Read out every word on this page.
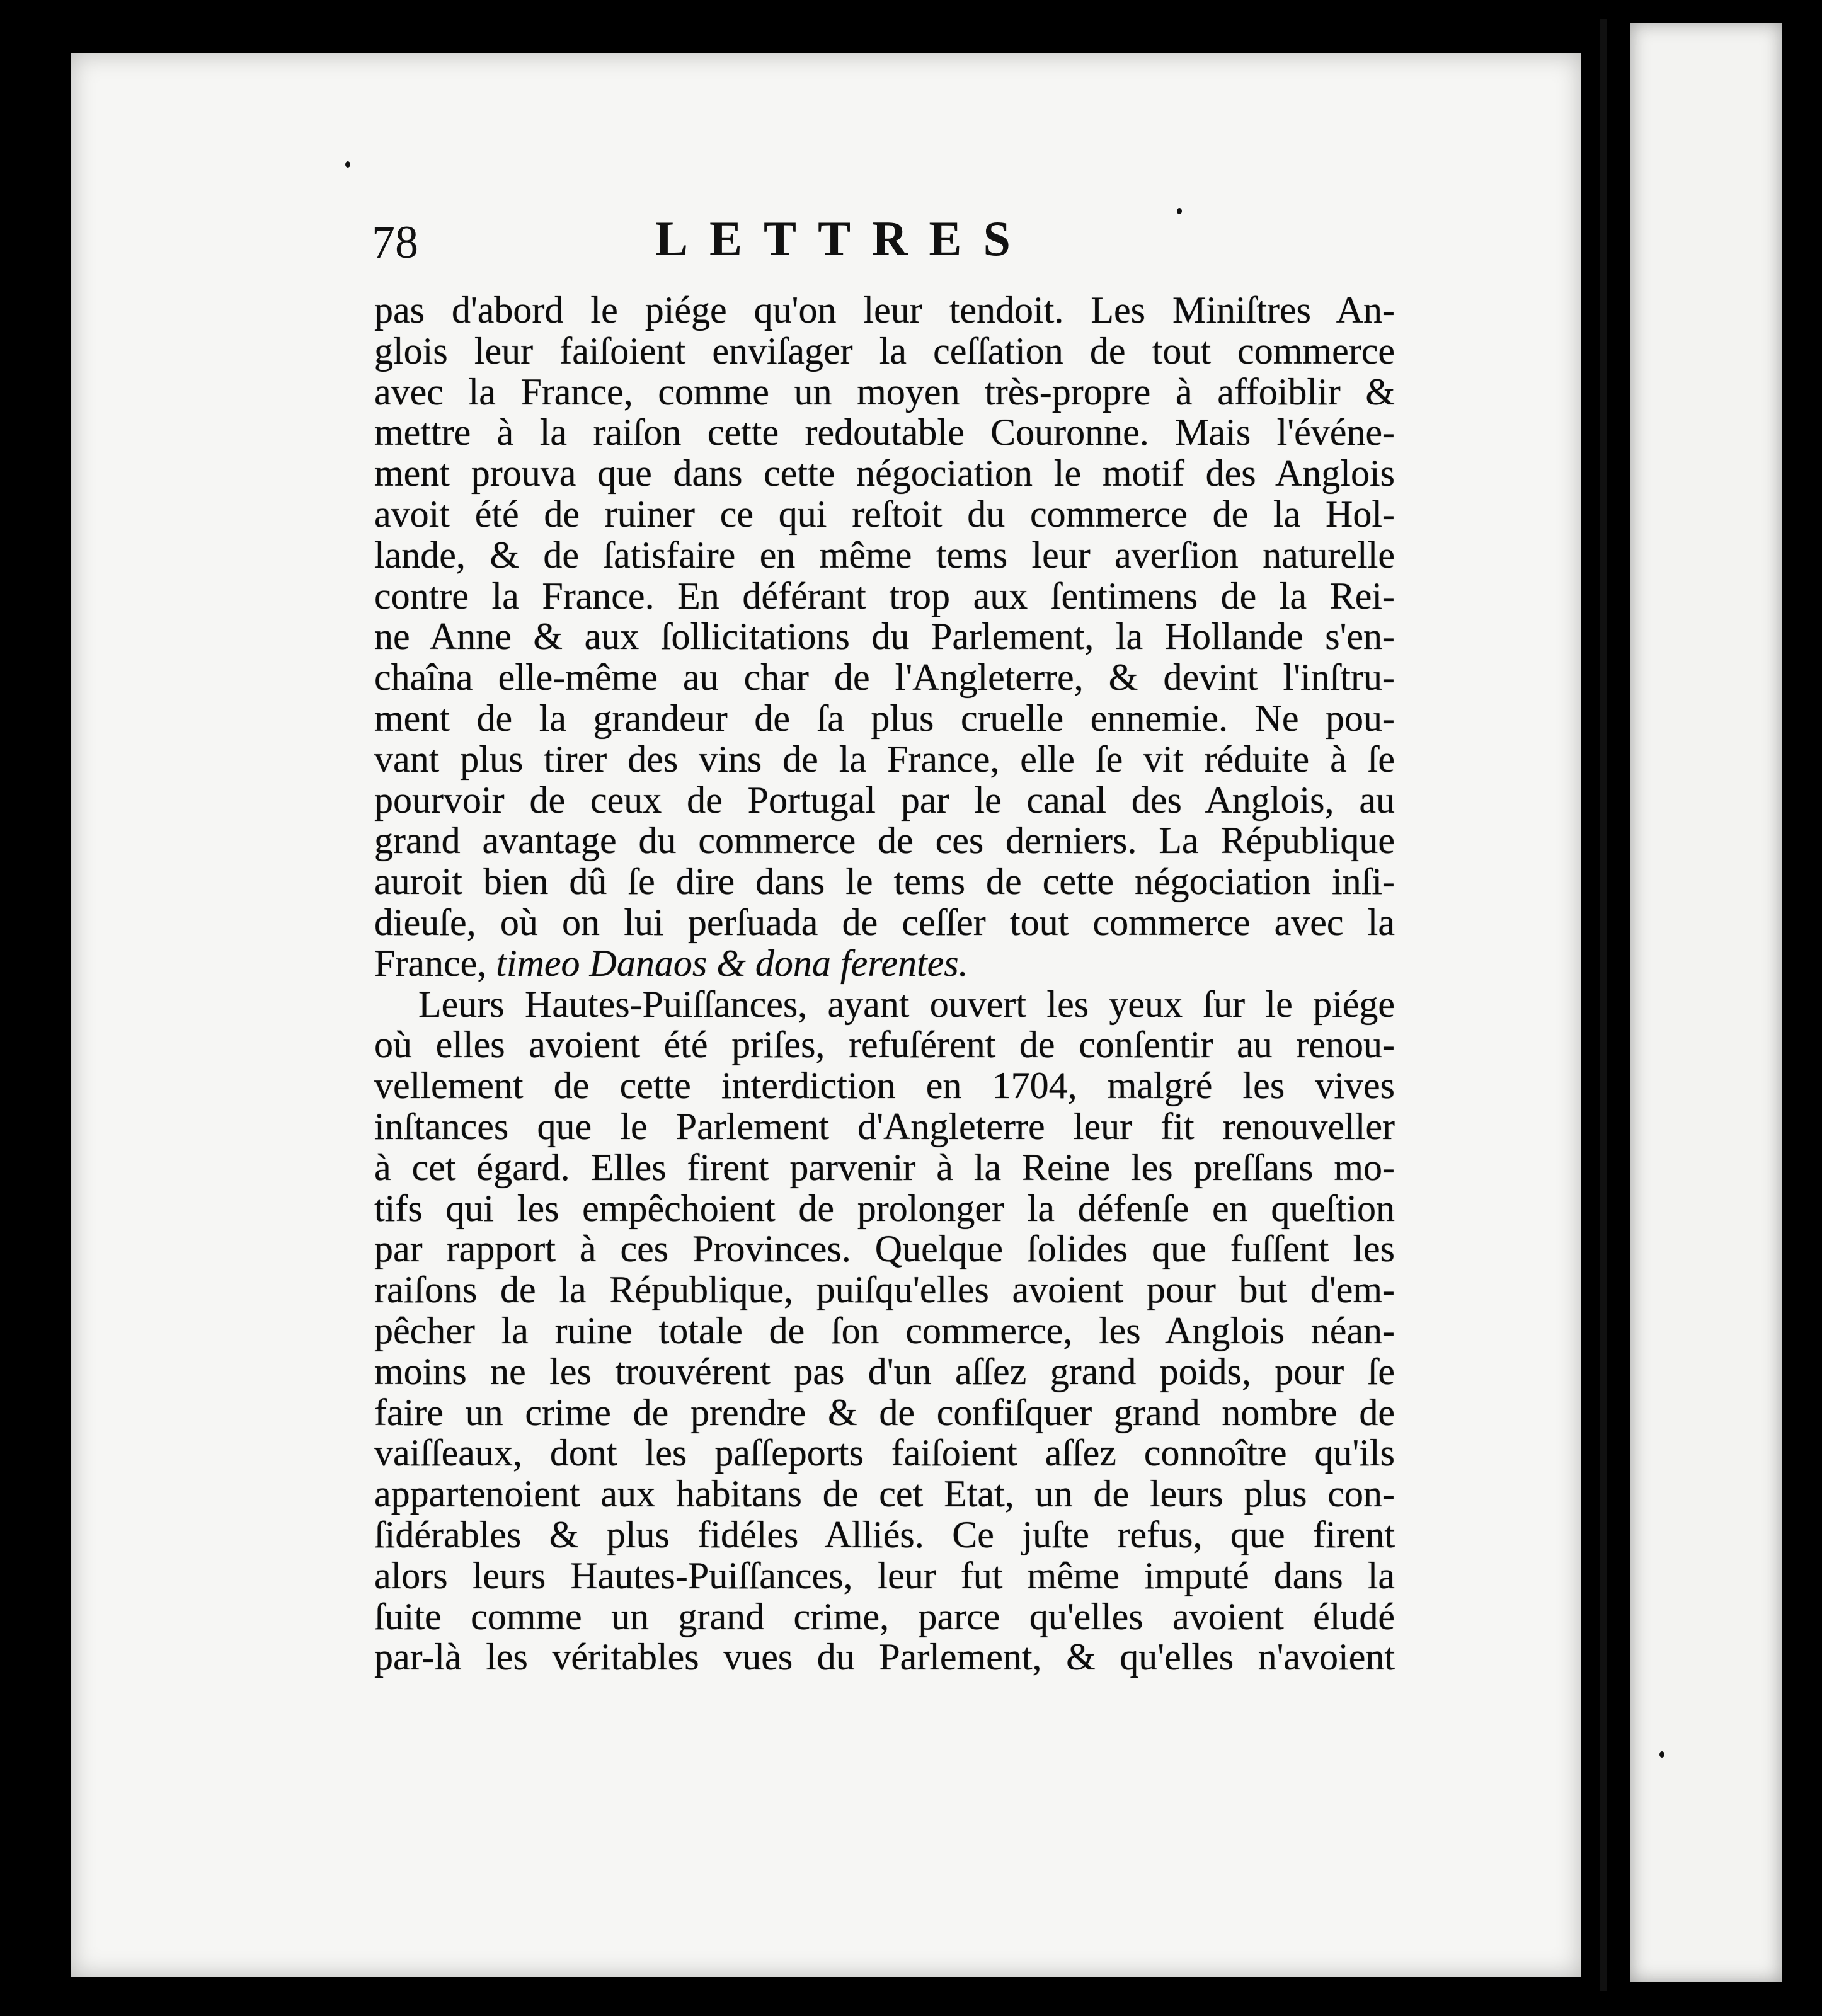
78	LETTRES
pas d'abord le piége qu'on leur tendoit. Les Miniſtres An-
glois leur faiſoient enviſager la ceſſation de tout commerce
avec la France, comme un moyen très-propre à affoiblir &
mettre à la raiſon cette redoutable Couronne. Mais l'événe-
ment prouva que dans cette négociation le motif des Anglois
avoit été de ruiner ce qui reſtoit du commerce de la Hol-
lande, & de ſatisfaire en même tems leur averſion naturelle
contre la France. En déférant trop aux ſentimens de la Rei-
ne Anne & aux ſollicitations du Parlement, la Hollande s'en-
chaîna elle-même au char de l'Angleterre, & devint l'inſtru-
ment de la grandeur de ſa plus cruelle ennemie. Ne pou-
vant plus tirer des vins de la France, elle ſe vit réduite à ſe
pourvoir de ceux de Portugal par le canal des Anglois, au
grand avantage du commerce de ces derniers. La République
auroit bien dû ſe dire dans le tems de cette négociation inſi-
dieuſe, où on lui perſuada de ceſſer tout commerce avec la
France, timeo Danaos & dona ferentes.
Leurs Hautes-Puiſſances, ayant ouvert les yeux ſur le piége
où elles avoient été priſes, refuſérent de conſentir au renou-
vellement de cette interdiction en 1704, malgré les vives
inſtances que le Parlement d'Angleterre leur fit renouveller
à cet égard. Elles firent parvenir à la Reine les preſſans mo-
tifs qui les empêchoient de prolonger la défenſe en queſtion
par rapport à ces Provinces. Quelque ſolides que fuſſent les
raiſons de la République, puiſqu'elles avoient pour but d'em-
pêcher la ruine totale de ſon commerce, les Anglois néan-
moins ne les trouvérent pas d'un aſſez grand poids, pour ſe
faire un crime de prendre & de confiſquer grand nombre de
vaiſſeaux, dont les paſſeports faiſoient aſſez connoître qu'ils
appartenoient aux habitans de cet Etat, un de leurs plus con-
ſidérables & plus fidéles Alliés. Ce juſte refus, que firent
alors leurs Hautes-Puiſſances, leur fut même imputé dans la
ſuite comme un grand crime, parce qu'elles avoient éludé
par-là les véritables vues du Parlement, & qu'elles n'avoient
